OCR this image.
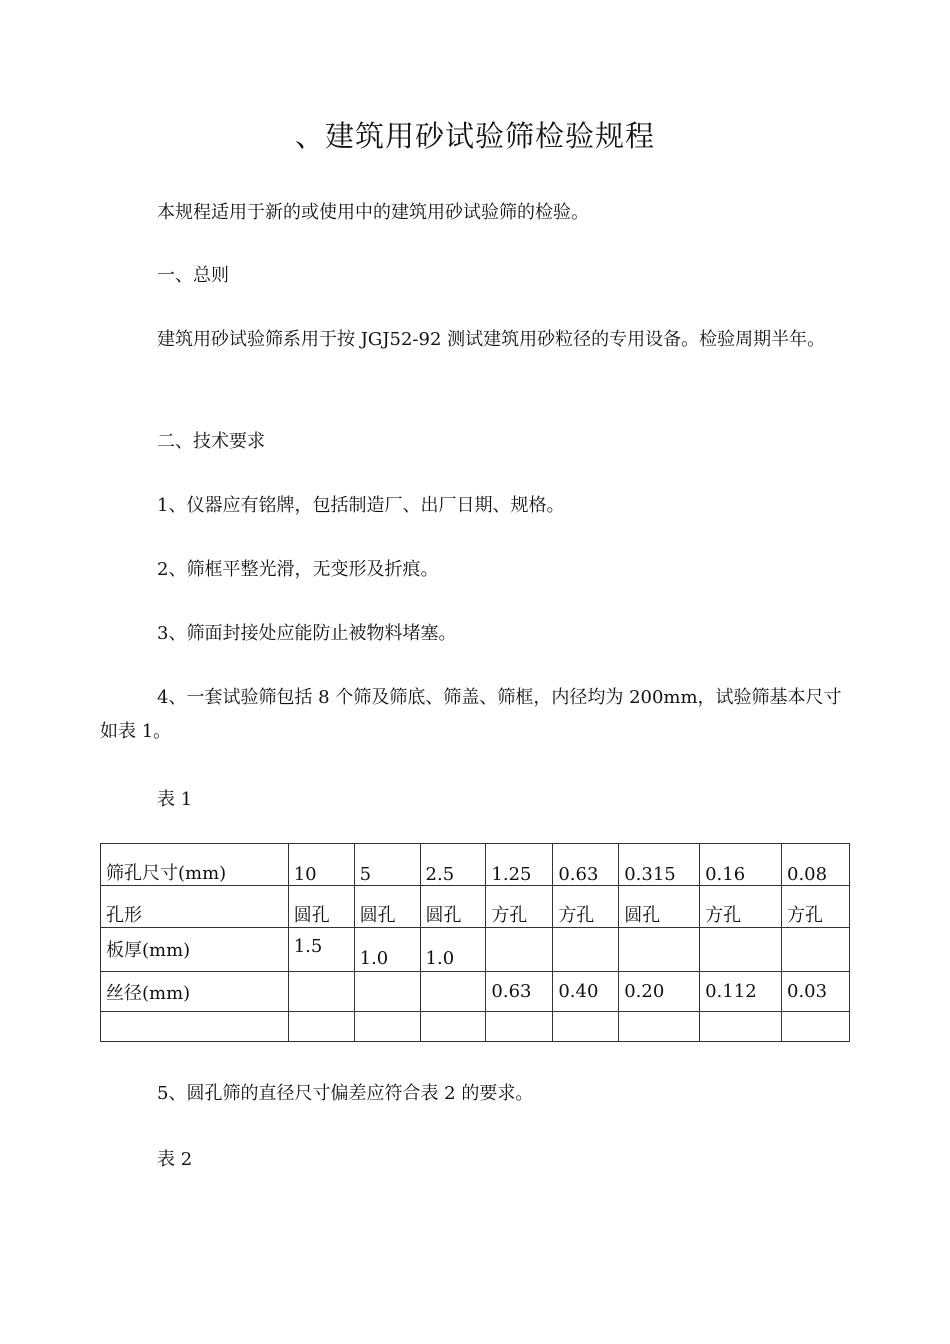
、建筑用砂试验筛检验规程
本规程适用于新的或使用中的建筑用砂试验筛的检验。
一、总则
建筑用砂试验筛系用于按 JGJ52-92 测试建筑用砂粒径的专用设备。检验周期半年。
二、技术要求
1、仪器应有铭牌，包括制造厂、出厂日期、规格。
2、筛框平整光滑，无变形及折痕。
3、筛面封接处应能防止被物料堵塞。
4、一套试验筛包括 8 个筛及筛底、筛盖、筛框，内径均为 200mm，试验筛基本尺寸如表 1。
表 1
筛孔尺寸(mm)	10	5	2.5	1.25	0.63	0.315	0.16	0.08
孔形	圆孔	圆孔	圆孔	方孔	方孔	圆孔	方孔	方孔
板厚(mm)	1.5	1.0	1.0					
丝径(mm)				0.63	0.40	0.20	0.112	0.03

5、圆孔筛的直径尺寸偏差应符合表 2 的要求。
表 2
